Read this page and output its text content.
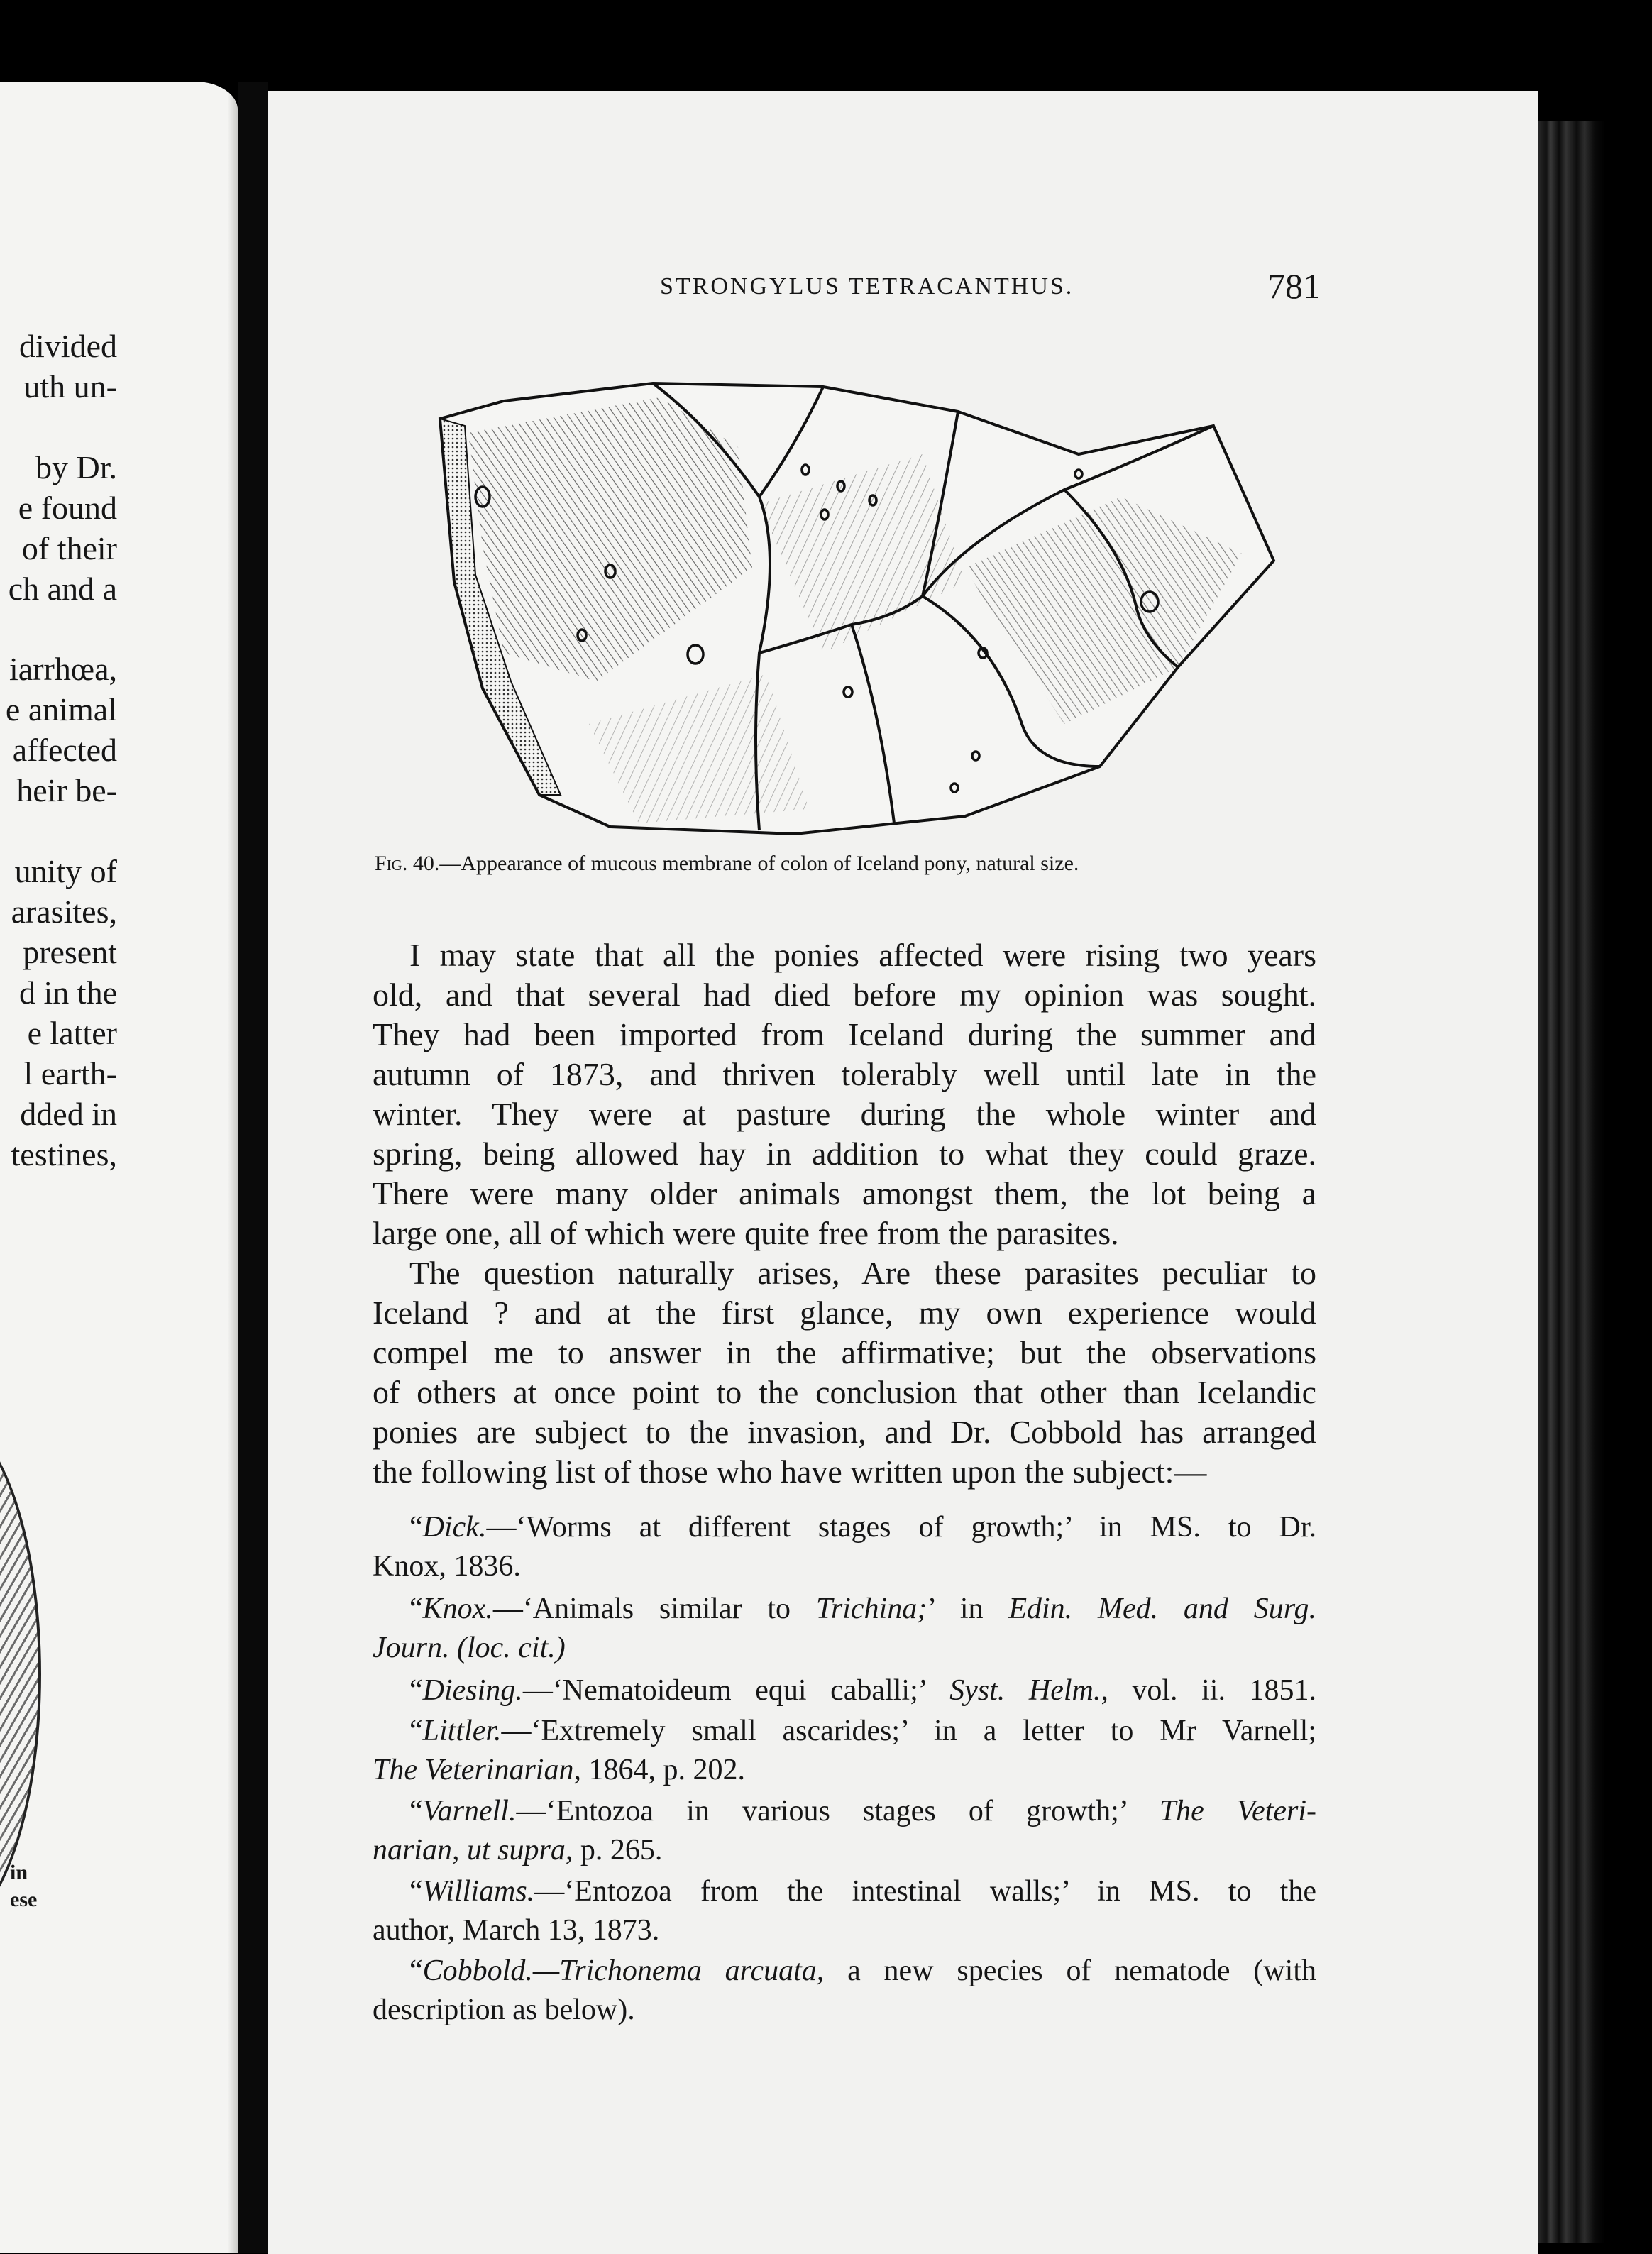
divided
uth un-
by Dr.
e found
of their
ch and a
iarrhœa,
e animal
affected
heir be-
unity of
arasites,
present
d in the
e latter
l earth-
dded in
testines,
in
ese
STRONGYLUS TETRACANTHUS.	781
Fig. 40.—Appearance of mucous membrane of colon of Iceland pony, natural size.
I may state that all the ponies affected were rising two years
old, and that several had died before my opinion was sought.
They had been imported from Iceland during the summer and
autumn of 1873, and thriven tolerably well until late in the
winter. They were at pasture during the whole winter and
spring, being allowed hay in addition to what they could graze.
There were many older animals amongst them, the lot being a
large one, all of which were quite free from the parasites.
The question naturally arises, Are these parasites peculiar to
Iceland ? and at the first glance, my own experience would
compel me to answer in the affirmative; but the observations
of others at once point to the conclusion that other than Icelandic
ponies are subject to the invasion, and Dr. Cobbold has arranged
the following list of those who have written upon the subject:—
“Dick.—‘Worms at different stages of growth;’ in MS. to Dr.
Knox, 1836.
“Knox.—‘Animals similar to Trichina;’ in Edin. Med. and Surg.
Journ. (loc. cit.)
“Diesing.—‘Nematoideum equi caballi;’ Syst. Helm., vol. ii. 1851.
“Littler.—‘Extremely small ascarides;’ in a letter to Mr Varnell;
The Veterinarian, 1864, p. 202.
“Varnell.—‘Entozoa in various stages of growth;’ The Veteri-
narian, ut supra, p. 265.
“Williams.—‘Entozoa from the intestinal walls;’ in MS. to the
author, March 13, 1873.
“Cobbold.—Trichonema arcuata, a new species of nematode (with
description as below).
